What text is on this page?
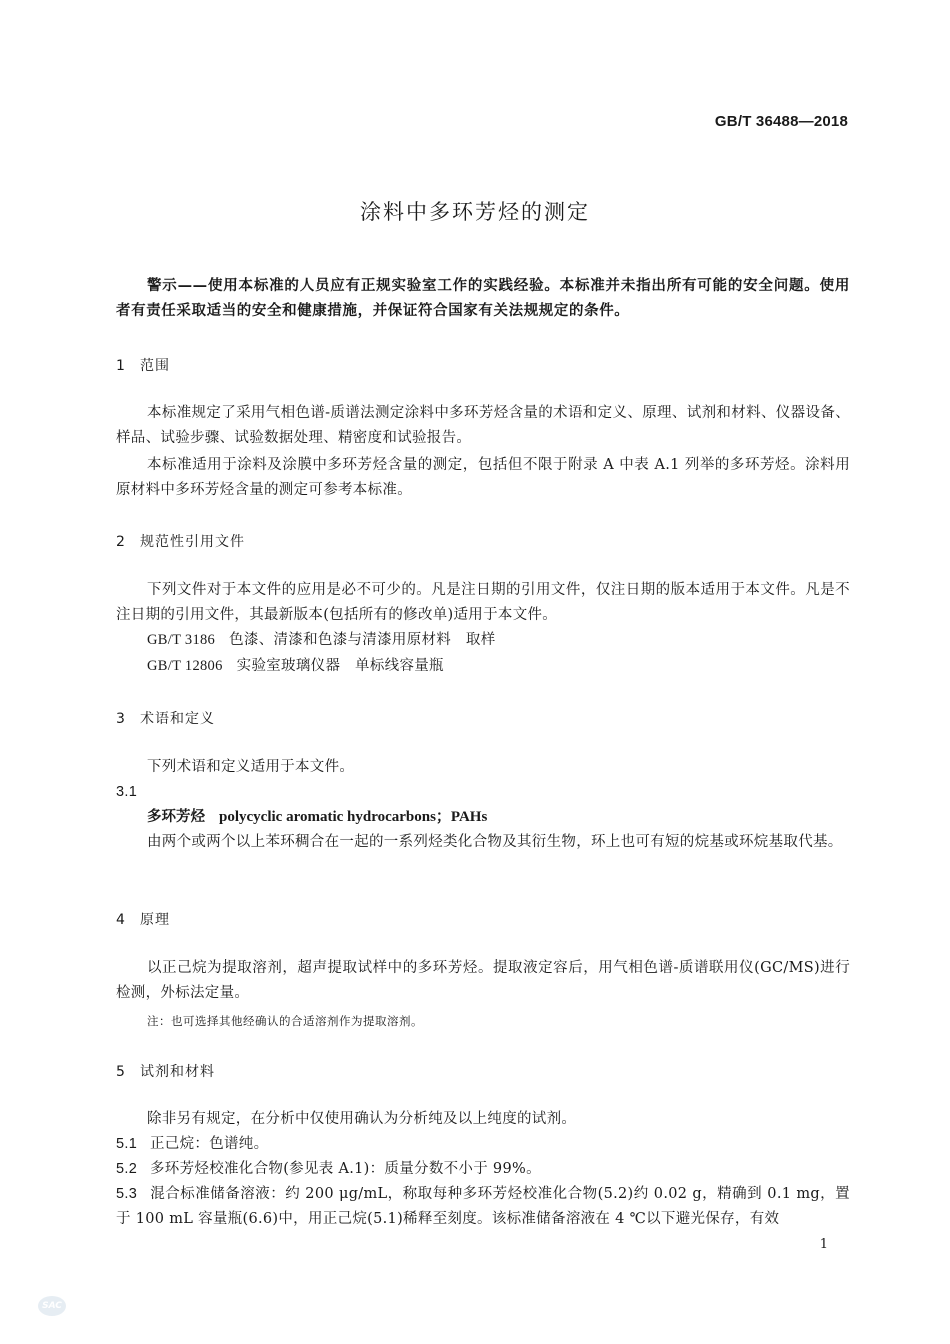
GB/T 36488—2018
涂料中多环芳烃的测定
警示——使用本标准的人员应有正规实验室工作的实践经验。本标准并未指出所有可能的安全问题。使用者有责任采取适当的安全和健康措施，并保证符合国家有关法规规定的条件。
1 范围
本标准规定了采用气相色谱-质谱法测定涂料中多环芳烃含量的术语和定义、原理、试剂和材料、仪器设备、样品、试验步骤、试验数据处理、精密度和试验报告。
本标准适用于涂料及涂膜中多环芳烃含量的测定，包括但不限于附录 A 中表 A.1 列举的多环芳烃。涂料用原材料中多环芳烃含量的测定可参考本标准。
2 规范性引用文件
下列文件对于本文件的应用是必不可少的。凡是注日期的引用文件，仅注日期的版本适用于本文件。凡是不注日期的引用文件，其最新版本(包括所有的修改单)适用于本文件。
GB/T 3186 色漆、清漆和色漆与清漆用原材料　取样
GB/T 12806 实验室玻璃仪器　单标线容量瓶
3 术语和定义
下列术语和定义适用于本文件。
3.1
多环芳烃 polycyclic aromatic hydrocarbons；PAHs
由两个或两个以上苯环稠合在一起的一系列烃类化合物及其衍生物，环上也可有短的烷基或环烷基取代基。
4 原理
以正己烷为提取溶剂，超声提取试样中的多环芳烃。提取液定容后，用气相色谱-质谱联用仪(GC/MS)进行检测，外标法定量。
注：也可选择其他经确认的合适溶剂作为提取溶剂。
5 试剂和材料
除非另有规定，在分析中仅使用确认为分析纯及以上纯度的试剂。
5.1 正己烷：色谱纯。
5.2 多环芳烃校准化合物(参见表 A.1)：质量分数不小于 99%。
5.3 混合标准储备溶液：约 200 μg/mL，称取每种多环芳烃校准化合物(5.2)约 0.02 g，精确到 0.1 mg，置于 100 mL 容量瓶(6.6)中，用正己烷(5.1)稀释至刻度。该标准储备溶液在 4 ℃以下避光保存，有效
1
SAC
